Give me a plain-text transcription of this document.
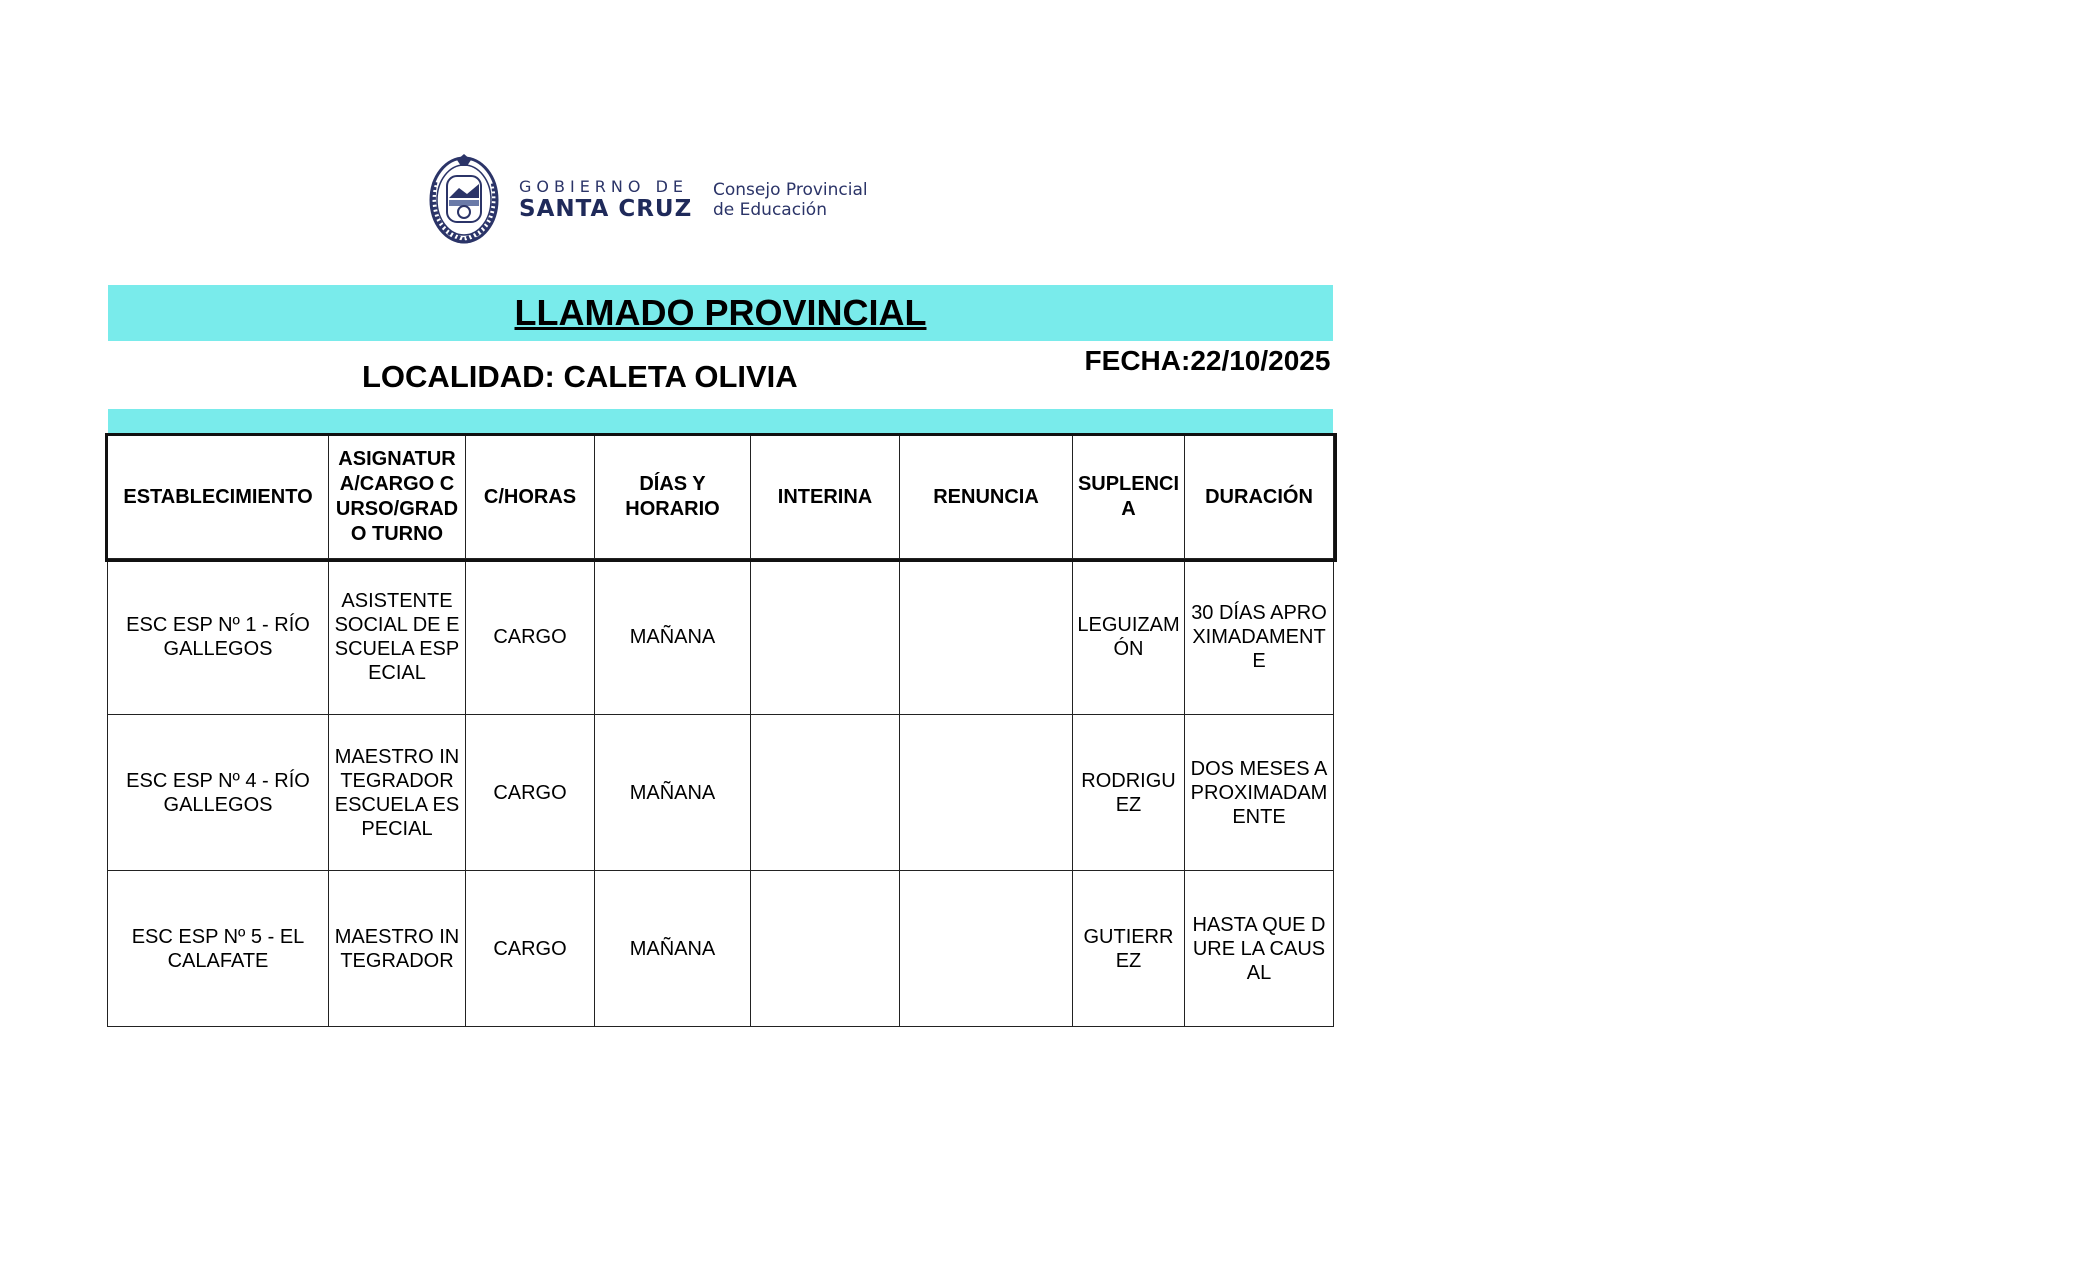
GOBIERNO DE
SANTA CRUZ
Consejo Provincial
de Educación
LLAMADO PROVINCIAL
LOCALIDAD: CALETA OLIVIA	FECHA:22/10/2025
ESTABLECIMIENTO	ASIGNATURA/CARGO CURSO/GRADO TURNO	C/HORAS	DÍAS Y HORARIO	INTERINA	RENUNCIA	SUPLENCIA	DURACIÓN
ESC ESP Nº 1 - RÍO GALLEGOS	ASISTENTE SOCIAL DE ESCUELA ESPECIAL	CARGO	MAÑANA			LEGUIZAMÓN	30 DÍAS APROXIMADAMENTE
ESC ESP Nº 4 - RÍO GALLEGOS	MAESTRO INTEGRADOR ESCUELA ESPECIAL	CARGO	MAÑANA			RODRIGUEZ	DOS MESES APROXIMADAMENTE
ESC ESP Nº 5 - EL CALAFATE	MAESTRO INTEGRADOR	CARGO	MAÑANA			GUTIERREZ	HASTA QUE DURE LA CAUSAL
